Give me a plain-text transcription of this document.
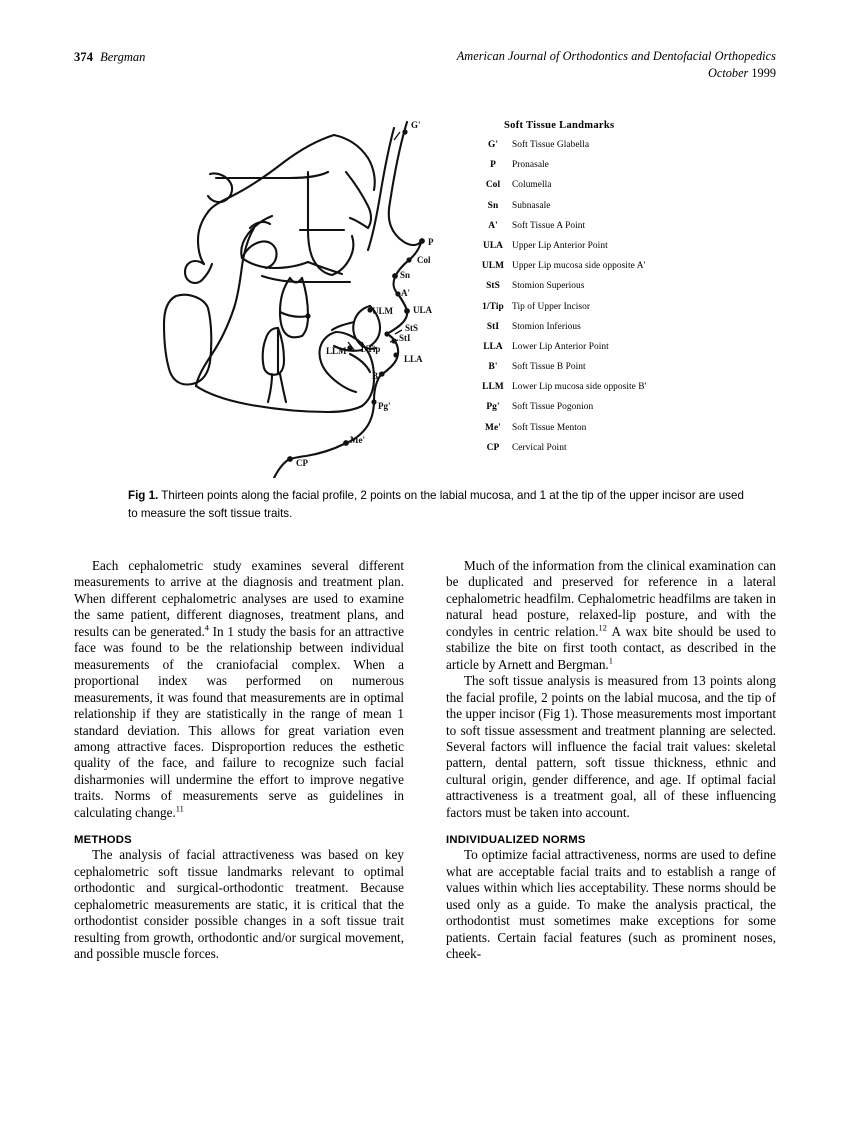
374 Bergman	American Journal of Orthodontics and Dentofacial Orthopedics
October 1999
G'
P
Col
Sn
A'
ULA
ULM
StS
StI
1/Tip
LLM
LLA
B'
Pg'
Me'
CP
Soft Tissue Landmarks
G'	Soft Tissue Glabella
P	Pronasale
Col	Columella
Sn	Subnasale
A'	Soft Tissue A Point
ULA Upper Lip Anterior Point
ULM Upper Lip mucosa side opposite A'
StS	Stomion Superious
1/Tip Tip of Upper Incisor
StI	Stomion Inferious
LLA Lower Lip Anterior Point
B'	Soft Tissue B Point
LLM Lower Lip mucosa side opposite B'
Pg'	Soft Tissue Pogonion
Me'	Soft Tissue Menton
CP	Cervical Point
Fig 1. Thirteen points along the facial profile, 2 points on the labial mucosa, and 1 at the tip of the upper incisor are used to measure the soft tissue traits.

Each cephalometric study examines several different measurements to arrive at the diagnosis and treatment plan. When different cephalometric analyses are used to examine the same patient, different diagnoses, treatment plans, and results can be generated.$^4$ In 1 study the basis for an attractive face was found to be the relationship between individual measurements of the craniofacial complex. When a proportional index was performed on numerous measurements, it was found that measurements are in optimal relationship if they are statistically in the range of mean 1 standard deviation. This allows for great variation even among attractive faces. Disproportion reduces the esthetic quality of the face, and failure to recognize such facial disharmonies will undermine the effort to improve negative traits. Norms of measurements serve as guidelines in calculating change.$^{11}$

METHODS

The analysis of facial attractiveness was based on key cephalometric soft tissue landmarks relevant to optimal orthodontic and surgical-orthodontic treatment. Because cephalometric measurements are static, it is critical that the orthodontist consider possible changes in a soft tissue trait resulting from growth, orthodontic and/or surgical movement, and possible muscle forces.

Much of the information from the clinical examination can be duplicated and preserved for reference in a lateral cephalometric headfilm. Cephalometric headfilms are taken in natural head posture, relaxed-lip posture, and with the condyles in centric relation.$^{12}$ A wax bite should be used to stabilize the bite on first tooth contact, as described in the article by Arnett and Bergman.$^1$

The soft tissue analysis is measured from 13 points along the facial profile, 2 points on the labial mucosa, and the tip of the upper incisor (Fig 1). Those measurements most important to soft tissue assessment and treatment planning are selected. Several factors will influence the facial trait values: skeletal pattern, dental pattern, soft tissue thickness, ethnic and cultural origin, gender difference, and age. If optimal facial attractiveness is a treatment goal, all of these influencing factors must be taken into account.

INDIVIDUALIZED NORMS

To optimize facial attractiveness, norms are used to define what are acceptable facial traits and to establish a range of values within which lies acceptability. These norms should be used only as a guide. To make the analysis practical, the orthodontist must sometimes make exceptions for some patients. Certain facial features (such as prominent noses, cheek-
